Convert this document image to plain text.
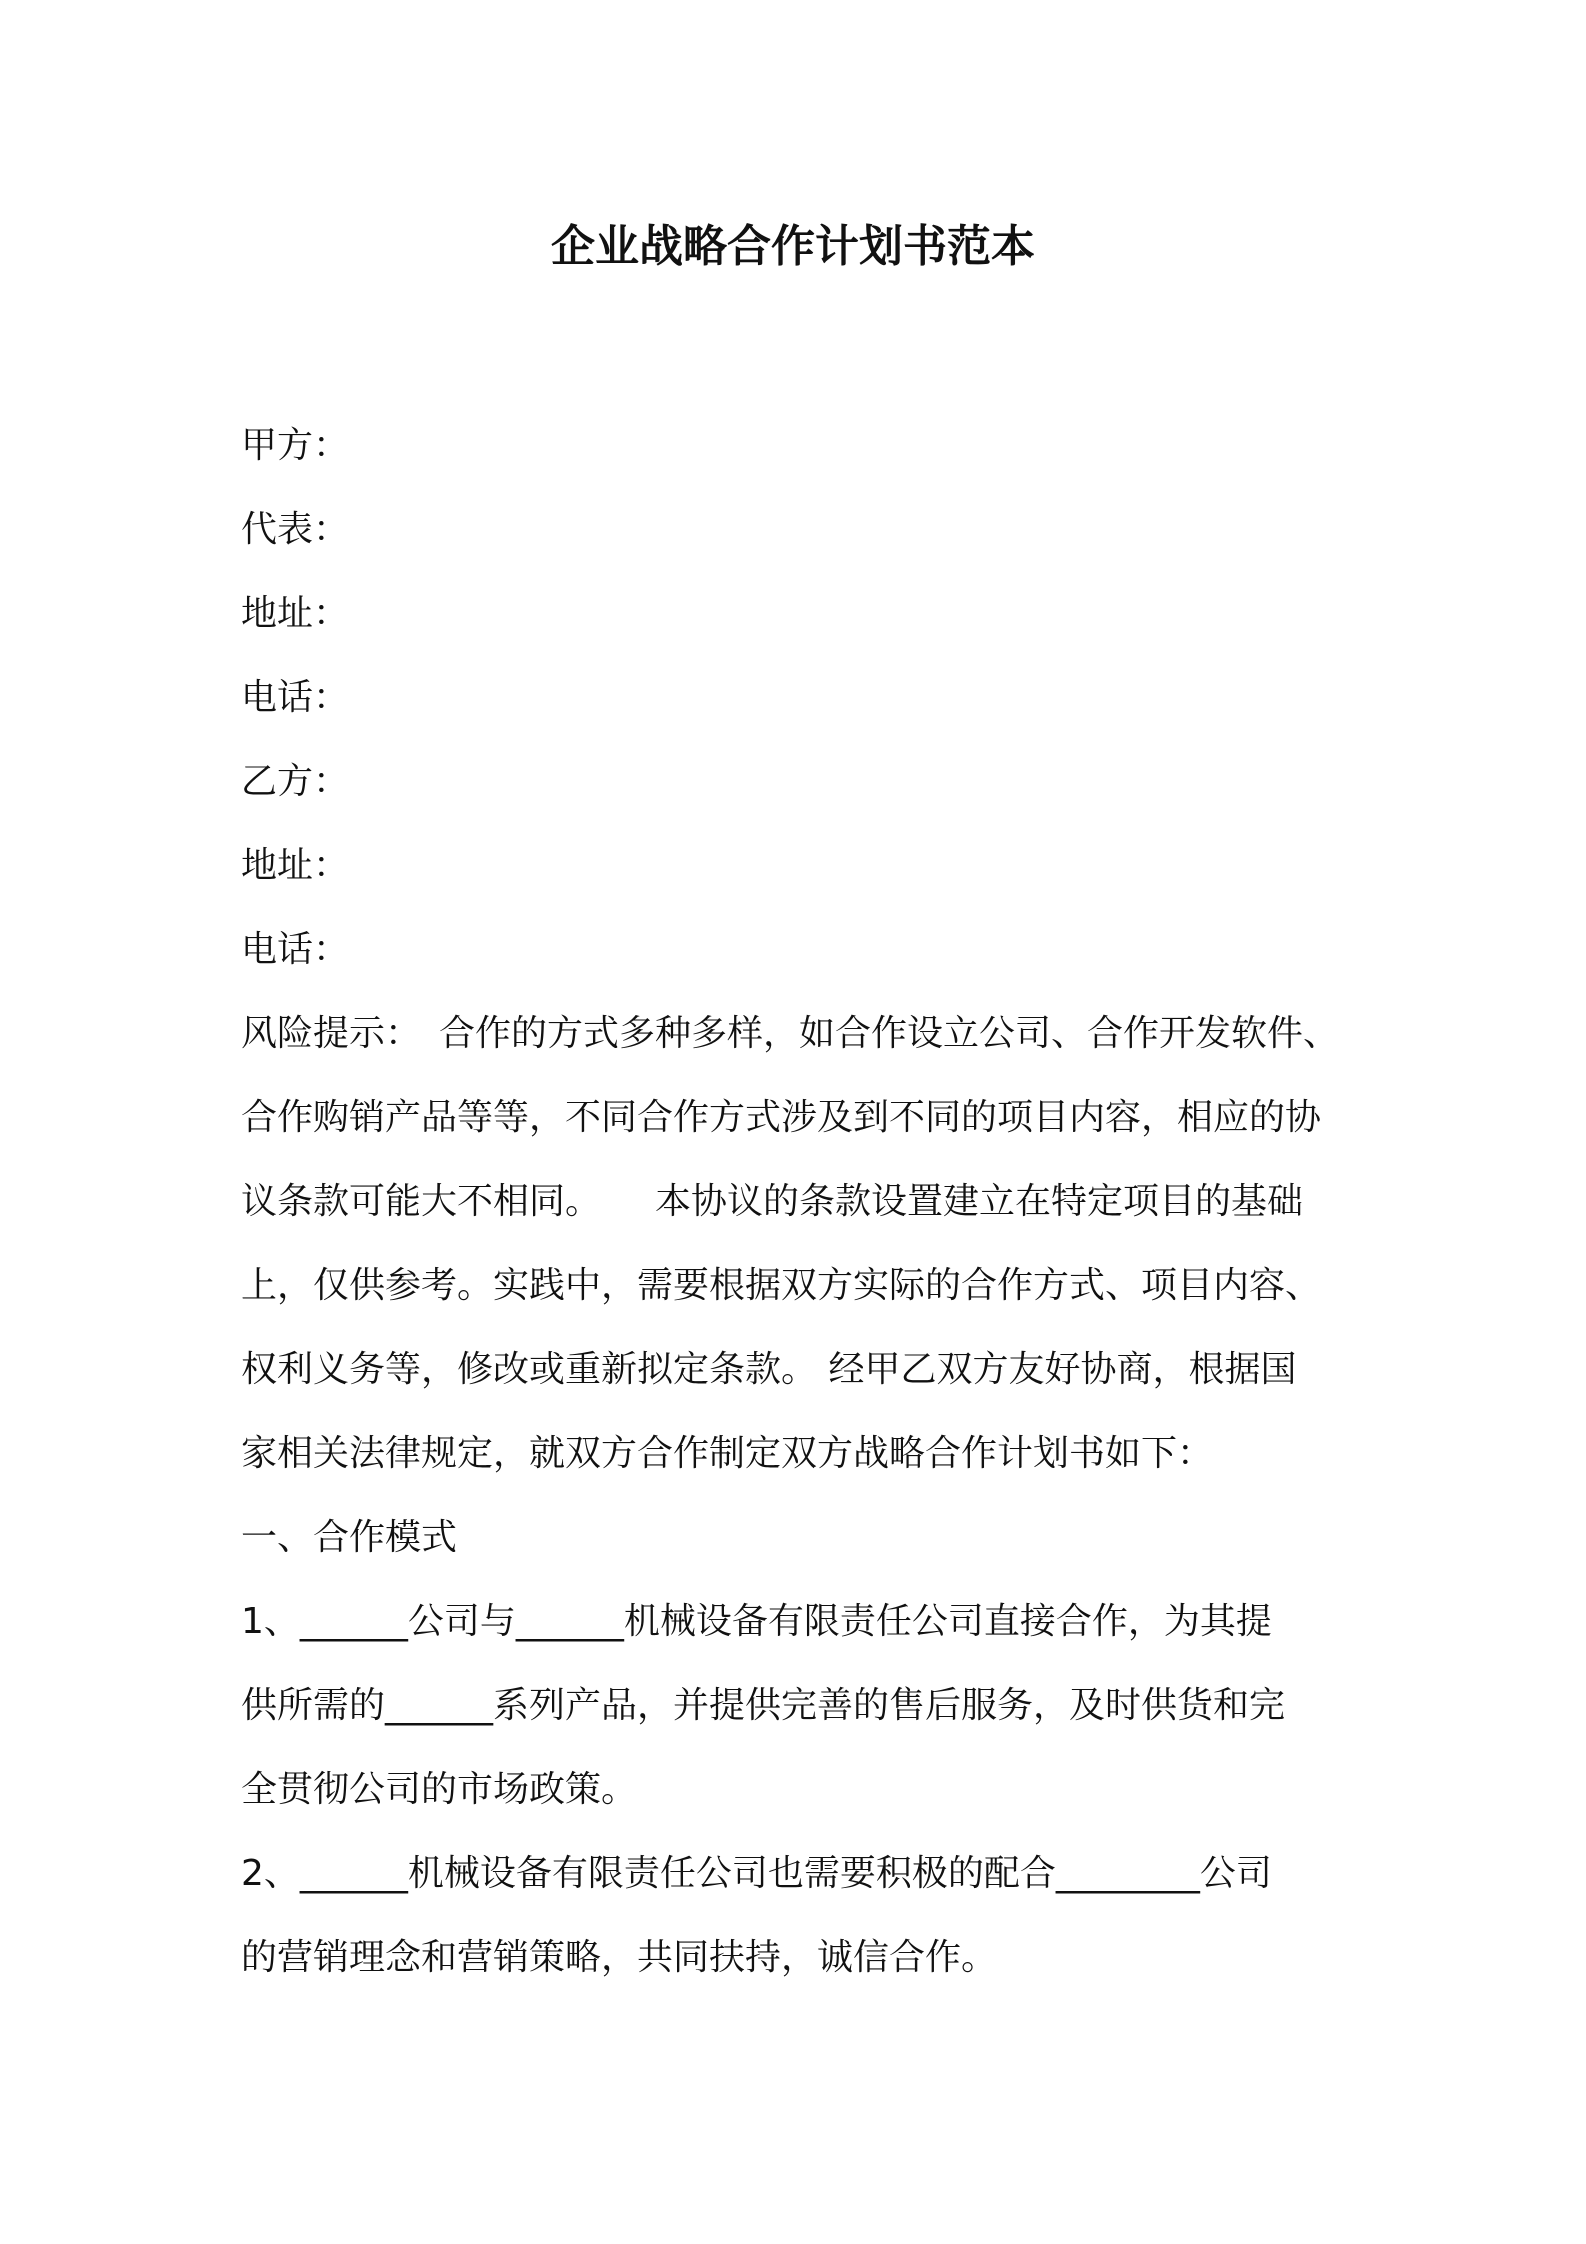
企业战略合作计划书范本
甲方：
代表：
地址：
电话：
乙方：
地址：
电话：
风险提示：　合作的方式多种多样，如合作设立公司、合作开发软件、
合作购销产品等等，不同合作方式涉及到不同的项目内容，相应的协
议条款可能大不相同。　　本协议的条款设置建立在特定项目的基础
上，仅供参考。实践中，需要根据双方实际的合作方式、项目内容、
权利义务等，修改或重新拟定条款。 经甲乙双方友好协商，根据国
家相关法律规定，就双方合作制定双方战略合作计划书如下：
一、合作模式
1、______公司与______机械设备有限责任公司直接合作，为其提
供所需的______系列产品，并提供完善的售后服务，及时供货和完
全贯彻公司的市场政策。
2、______机械设备有限责任公司也需要积极的配合________公司
的营销理念和营销策略，共同扶持，诚信合作。
